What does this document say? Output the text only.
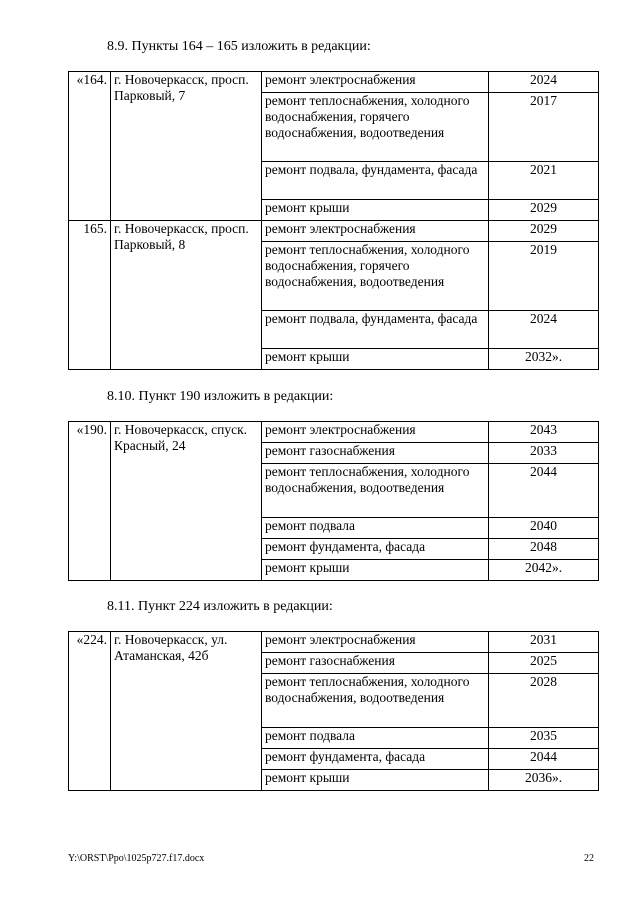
8.9. Пункты 164 – 165 изложить в редакции:
«164.	г. Новочеркасск, просп. Парковый, 7	ремонт электроснабжения	2024
		ремонт теплоснабжения, холодного водоснабжения, горячего водоснабжения, водоотведения	2017
		ремонт подвала, фундамента, фасада	2021
		ремонт крыши	2029
165.	г. Новочеркасск, просп. Парковый, 8	ремонт электроснабжения	2029
		ремонт теплоснабжения, холодного водоснабжения, горячего водоснабжения, водоотведения	2019
		ремонт подвала, фундамента, фасада	2024
		ремонт крыши	2032».
8.10. Пункт 190 изложить в редакции:
«190.	г. Новочеркасск, спуск. Красный, 24	ремонт электроснабжения	2043
		ремонт газоснабжения	2033
		ремонт теплоснабжения, холодного водоснабжения, водоотведения	2044
		ремонт подвала	2040
		ремонт фундамента, фасада	2048
		ремонт крыши	2042».
8.11. Пункт 224 изложить в редакции:
«224.	г. Новочеркасск, ул. Атаманская, 42б	ремонт электроснабжения	2031
		ремонт газоснабжения	2025
		ремонт теплоснабжения, холодного водоснабжения, водоотведения	2028
		ремонт подвала	2035
		ремонт фундамента, фасада	2044
		ремонт крыши	2036».
Y:\ORST\Ppo\1025p727.f17.docx	22
